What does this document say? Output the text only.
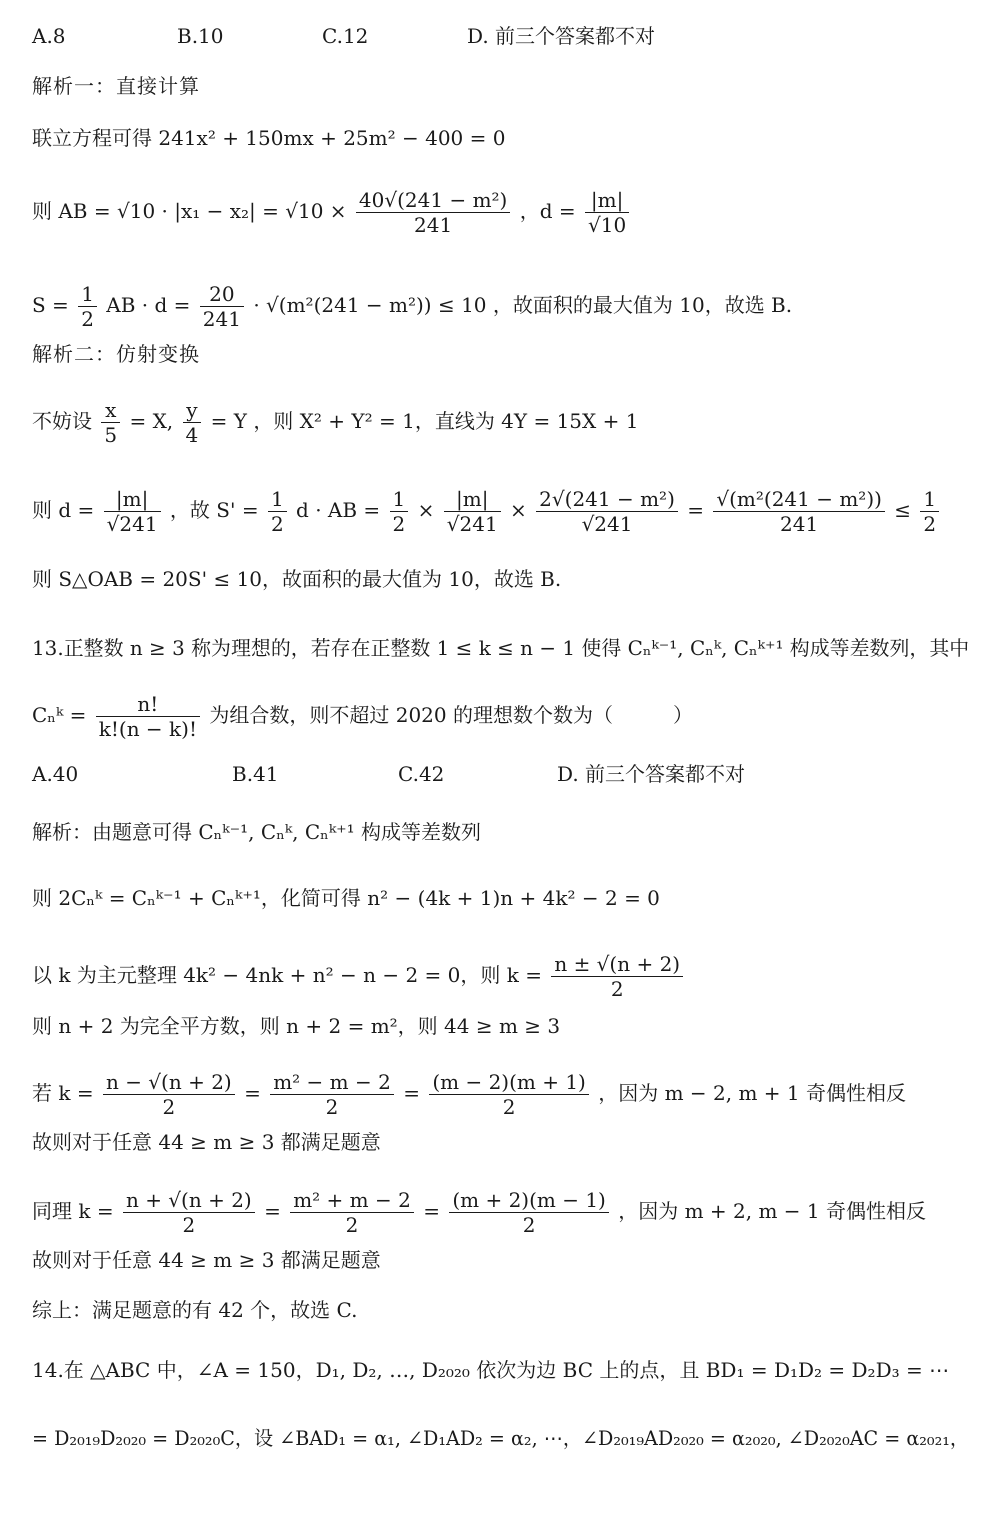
A.8	B.10	C.12	D. 前三个答案都不对
解析一：直接计算
联立方程可得 241x² + 150mx + 25m² − 400 = 0
则 AB = $√10 \cdot |x_1 - x_2| = √10 \times \frac{\text{40√(241 − m²)}}{241}$ ，$d = \frac{|m|}{√10}$
$S = \frac{1}{2}$ AB · $d = \frac{20}{241} \cdot √(m^2(241 - m^2)) \le 10$ ，故面积的最大值为 10，故选 B.
解析二：仿射变换
不妨设 $\frac{x}{5} = X$, $\frac{y}{4} = Y$ ，则 X² + Y² = 1，直线为 4Y = 15X + 1
则 $d = \frac{|m|}{√241}$ ，故 $S' = \frac{1}{2}$ d · AB = $\frac{1}{2} \times \frac{|m|}{√241} \times \frac{\text{2√(241 − m²)}}{√241} = \frac{\text{√(m²(241 − m²))}}{241} \le \frac{1}{2}$
则 S△OAB = 20S' ≤ 10，故面积的最大值为 10，故选 B.
13.正整数 n ≥ 3 称为理想的，若存在正整数 1 ≤ k ≤ n − 1 使得 Cₙᵏ⁻¹, Cₙᵏ, Cₙᵏ⁺¹ 构成等差数列，其中
Cₙᵏ = $\frac{n!}{k!(n - k)!}$ 为组合数，则不超过 2020 的理想数个数为（　　　）
A.40	B.41	C.42	D. 前三个答案都不对
解析：由题意可得 Cₙᵏ⁻¹, Cₙᵏ, Cₙᵏ⁺¹ 构成等差数列
则 2Cₙᵏ = Cₙᵏ⁻¹ + Cₙᵏ⁺¹，化简可得 n² − (4k + 1)n + 4k² − 2 = 0
以 k 为主元整理 4k² − 4nk + n² − n − 2 = 0，则 $k = \frac{n \pm √(n + 2)}{2}$
则 n + 2 为完全平方数，则 n + 2 = m²，则 44 ≥ m ≥ 3
若 $k = \frac{n - √(n + 2)}{2} = \frac{\text{m² − m − 2}}{2} = \frac{(m - 2)(m + 1)}{2}$ ，因为 m − 2, m + 1 奇偶性相反
故则对于任意 44 ≥ m ≥ 3 都满足题意
同理 $k = \frac{n + √(n + 2)}{2} = \frac{\text{m² + m − 2}}{2} = \frac{(m + 2)(m - 1)}{2}$ ，因为 m + 2, m − 1 奇偶性相反
故则对于任意 44 ≥ m ≥ 3 都满足题意
综上：满足题意的有 42 个，故选 C.
14.在 △ABC 中，∠A = 150，D₁, D₂, …, D₂₀₂₀ 依次为边 BC 上的点，且 BD₁ = D₁D₂ = D₂D₃ = ⋯
= D₂₀₁₉D₂₀₂₀ = D₂₀₂₀C，设 ∠BAD₁ = α₁, ∠D₁AD₂ = α₂, ⋯，∠D₂₀₁₉AD₂₀₂₀ = α₂₀₂₀, ∠D₂₀₂₀AC = α₂₀₂₁，
